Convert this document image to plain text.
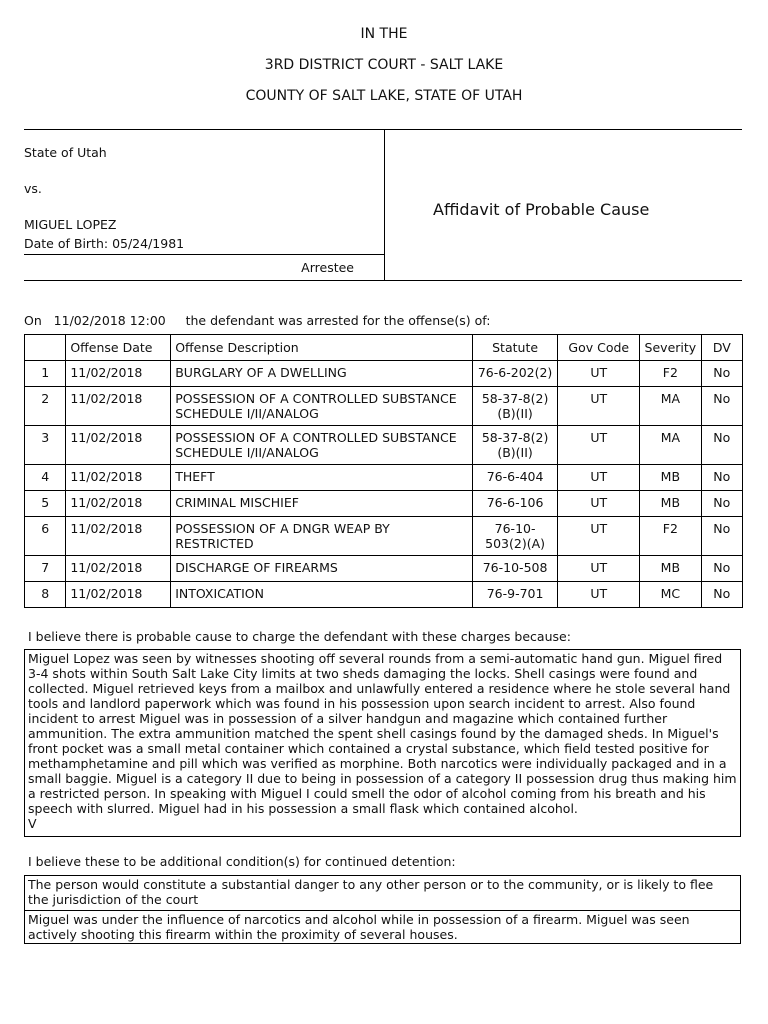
IN THE
3RD DISTRICT COURT - SALT LAKE
COUNTY OF SALT LAKE, STATE OF UTAH
State of Utah
vs.
MIGUEL LOPEZ
Date of Birth: 05/24/1981
Arrestee
Affidavit of Probable Cause
On   11/02/2018 12:00     the defendant was arrested for the offense(s) of:
	Offense Date	Offense Description	Statute	Gov Code	Severity	DV
1	11/02/2018	BURGLARY OF A DWELLING	76-6-202(2)	UT	F2	No
2	11/02/2018	POSSESSION OF A CONTROLLED SUBSTANCE SCHEDULE I/II/ANALOG	58-37-8(2)(B)(II)	UT	MA	No
3	11/02/2018	POSSESSION OF A CONTROLLED SUBSTANCE SCHEDULE I/II/ANALOG	58-37-8(2)(B)(II)	UT	MA	No
4	11/02/2018	THEFT	76-6-404	UT	MB	No
5	11/02/2018	CRIMINAL MISCHIEF	76-6-106	UT	MB	No
6	11/02/2018	POSSESSION OF A DNGR WEAP BY RESTRICTED	76-10-503(2)(A)	UT	F2	No
7	11/02/2018	DISCHARGE OF FIREARMS	76-10-508	UT	MB	No
8	11/02/2018	INTOXICATION	76-9-701	UT	MC	No
I believe there is probable cause to charge the defendant with these charges because:
Miguel Lopez was seen by witnesses shooting off several rounds from a semi-automatic hand gun. Miguel fired 3-4 shots within South Salt Lake City limits at two sheds damaging the locks. Shell casings were found and collected. Miguel retrieved keys from a mailbox and unlawfully entered a residence where he stole several hand tools and landlord paperwork which was found in his possession upon search incident to arrest. Also found incident to arrest Miguel was in possession of a silver handgun and magazine which contained further ammunition. The extra ammunition matched the spent shell casings found by the damaged sheds. In Miguel's front pocket was a small metal container which contained a crystal substance, which field tested positive for methamphetamine and pill which was verified as morphine. Both narcotics were individually packaged and in a small baggie. Miguel is a category II due to being in possession of a category II possession drug thus making him a restricted person. In speaking with Miguel I could smell the odor of alcohol coming from his breath and his speech with slurred. Miguel had in his possession a small flask which contained alcohol.
V
I believe these to be additional condition(s) for continued detention:
The person would constitute a substantial danger to any other person or to the community, or is likely to flee the jurisdiction of the court
Miguel was under the influence of narcotics and alcohol while in possession of a firearm. Miguel was seen actively shooting this firearm within the proximity of several houses.
